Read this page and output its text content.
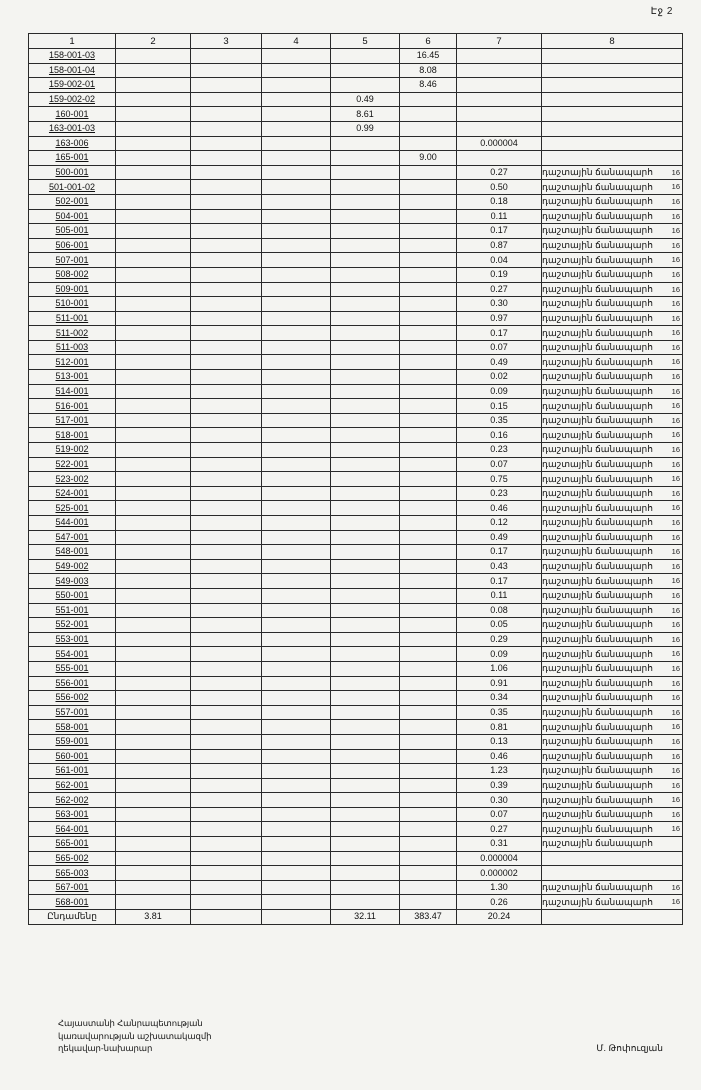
Էջ 2
1	2	3	4	5	6	7	8
158-001-03					16.45		

158-001-04					8.08		

159-002-01					8.46		

159-002-02				0.49			

160-001				8.61			

163-001-03				0.99			

163-006						0.000004	

165-001					9.00		

500-001						0.27	դաշտային ճանապարհ 16

501-001-02						0.50	դաշտային ճանապարհ 16

502-001						0.18	դաշտային ճանապարհ 16

504-001						0.11	դաշտային ճանապարհ 16

505-001						0.17	դաշտային ճանապարհ 16

506-001						0.87	դաշտային ճանապարհ 16

507-001						0.04	դաշտային ճանապարհ 16

508-002						0.19	դաշտային ճանապարհ 16

509-001						0.27	դաշտային ճանապարհ 16

510-001						0.30	դաշտային ճանապարհ 16

511-001						0.97	դաշտային ճանապարհ 16

511-002						0.17	դաշտային ճանապարհ 16

511-003						0.07	դաշտային ճանապարհ 16

512-001						0.49	դաշտային ճանապարհ 16

513-001						0.02	դաշտային ճանապարհ 16

514-001						0.09	դաշտային ճանապարհ 16

516-001						0.15	դաշտային ճանապարհ 16

517-001						0.35	դաշտային ճանապարհ 16

518-001						0.16	դաշտային ճանապարհ 16

519-002						0.23	դաշտային ճանապարհ 16

522-001						0.07	դաշտային ճանապարհ 16

523-002						0.75	դաշտային ճանապարհ 16

524-001						0.23	դաշտային ճանապարհ 16

525-001						0.46	դաշտային ճանապարհ 16

544-001						0.12	դաշտային ճանապարհ 16

547-001						0.49	դաշտային ճանապարհ 16

548-001						0.17	դաշտային ճանապարհ 16

549-002						0.43	դաշտային ճանապարհ 16

549-003						0.17	դաշտային ճանապարհ 16

550-001						0.11	դաշտային ճանապարհ 16

551-001						0.08	դաշտային ճանապարհ 16

552-001						0.05	դաշտային ճանապարհ 16

553-001						0.29	դաշտային ճանապարհ 16

554-001						0.09	դաշտային ճանապարհ 16

555-001						1.06	դաշտային ճանապարհ 16

556-001						0.91	դաշտային ճանապարհ 16

556-002						0.34	դաշտային ճանապարհ 16

557-001						0.35	դաշտային ճանապարհ 16

558-001						0.81	դաշտային ճանապարհ 16

559-001						0.13	դաշտային ճանապարհ 16

560-001						0.46	դաշտային ճանապարհ 16

561-001						1.23	դաշտային ճանապարհ 16

562-001						0.39	դաշտային ճանապարհ 16

562-002						0.30	դաշտային ճանապարհ 16

563-001						0.07	դաշտային ճանապարհ 16

564-001						0.27	դաշտային ճանապարհ 16

565-001						0.31	դաշտային ճանապարհ

565-002						0.000004	

565-003						0.000002	

567-001						1.30	դաշտային ճանապարհ 16

568-001						0.26	դաշտային ճանապարհ 16

Ընդամենը	3.81			32.11	383.47	20.24	
Հայաստանի Հանրապետության
կառավարության աշխատակազմի
ղեկավար-նախարար	Մ. Թոփուզյան
